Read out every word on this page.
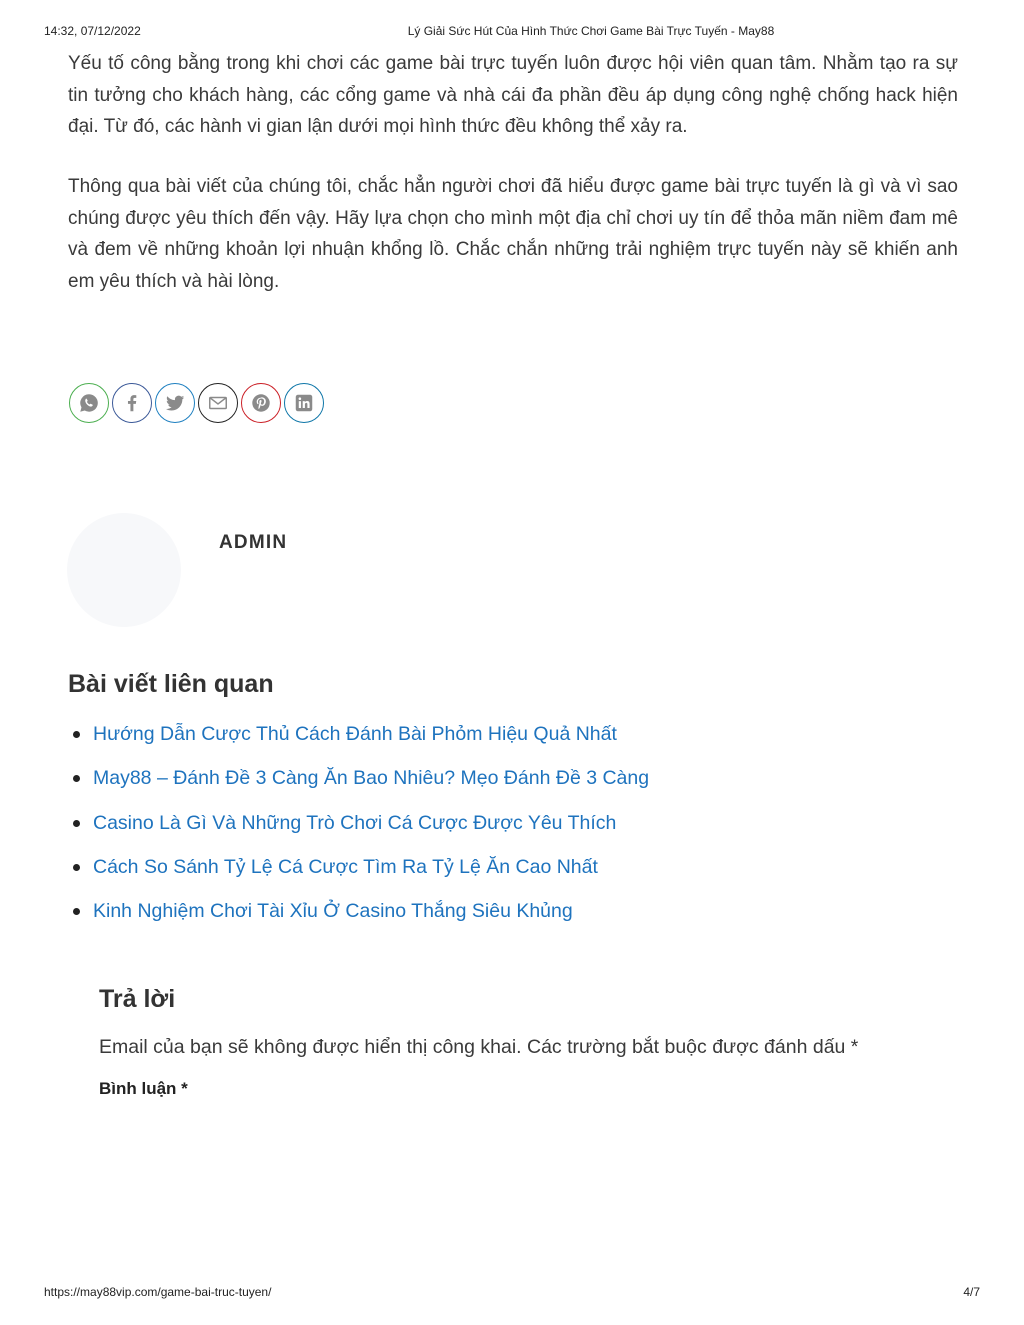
14:32, 07/12/2022	Lý Giải Sức Hút Của Hình Thức Chơi Game Bài Trực Tuyến - May88

Yếu tố công bằng trong khi chơi các game bài trực tuyến luôn được hội viên quan tâm. Nhằm tạo ra sự tin tưởng cho khách hàng, các cổng game và nhà cái đa phần đều áp dụng công nghệ chống hack hiện đại. Từ đó, các hành vi gian lận dưới mọi hình thức đều không thể xảy ra.

Thông qua bài viết của chúng tôi, chắc hẳn người chơi đã hiểu được game bài trực tuyến là gì và vì sao chúng được yêu thích đến vậy. Hãy lựa chọn cho mình một địa chỉ chơi uy tín để thỏa mãn niềm đam mê và đem về những khoản lợi nhuận khổng lồ. Chắc chắn những trải nghiệm trực tuyến này sẽ khiến anh em yêu thích và hài lòng.

ADMIN
Bài viết liên quan
Hướng Dẫn Cược Thủ Cách Đánh Bài Phỏm Hiệu Quả Nhất
May88 – Đánh Đề 3 Càng Ăn Bao Nhiêu? Mẹo Đánh Đề 3 Càng
Casino Là Gì Và Những Trò Chơi Cá Cược Được Yêu Thích
Cách So Sánh Tỷ Lệ Cá Cược Tìm Ra Tỷ Lệ Ăn Cao Nhất
Kinh Nghiệm Chơi Tài Xỉu Ở Casino Thắng Siêu Khủng
Trả lời

Email của bạn sẽ không được hiển thị công khai. Các trường bắt buộc được đánh dấu *

Bình luận *
https://may88vip.com/game-bai-truc-tuyen/	4/7
